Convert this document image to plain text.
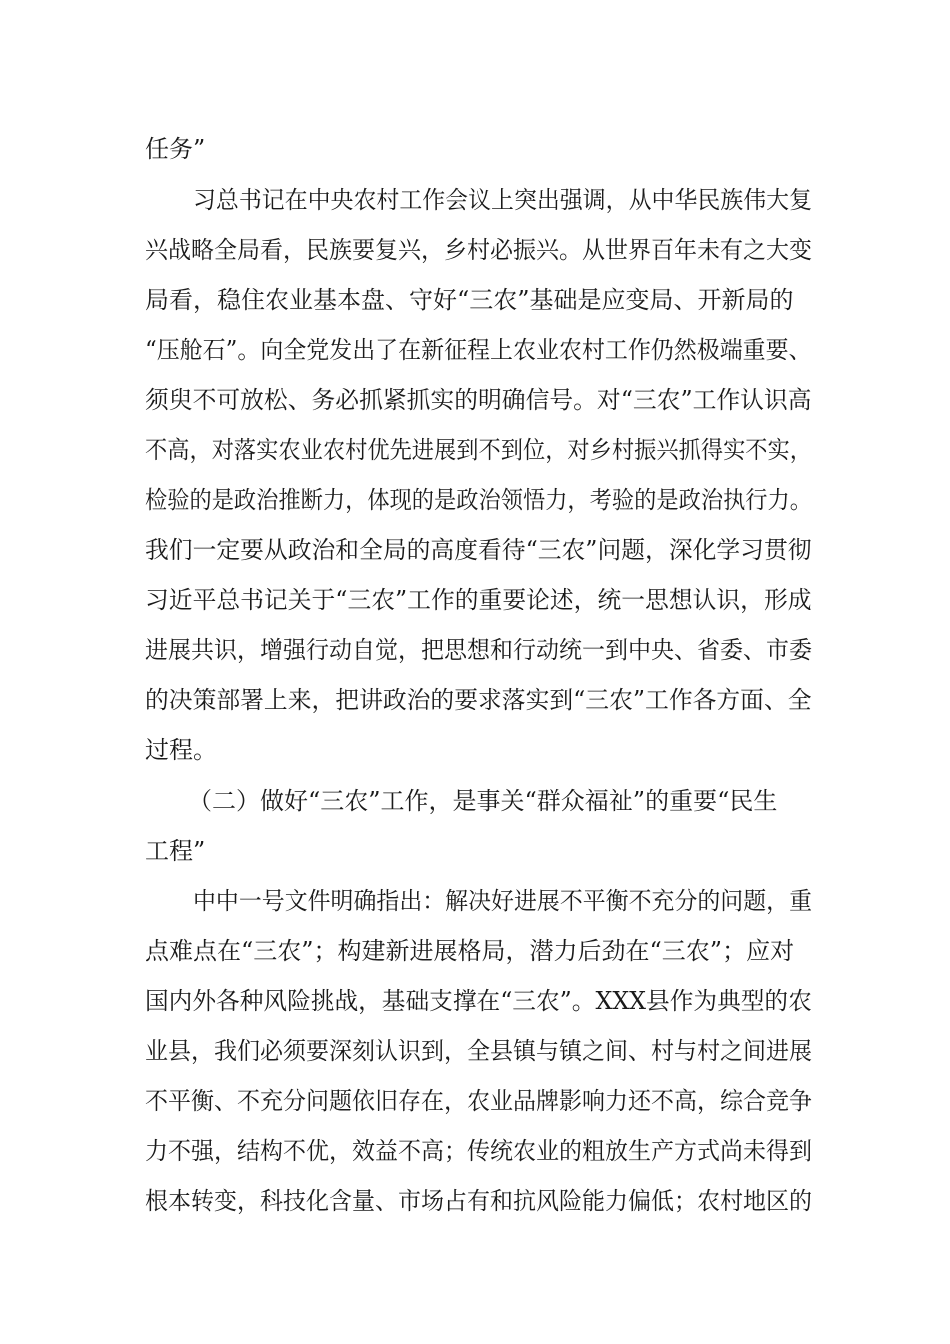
任务”
习总书记在中央农村工作会议上突出强调，从中华民族伟大复
兴战略全局看，民族要复兴，乡村必振兴。从世界百年未有之大变
局看，稳住农业基本盘、守好“三农”基础是应变局、开新局的
“压舱石”。向全党发出了在新征程上农业农村工作仍然极端重要、
须臾不可放松、务必抓紧抓实的明确信号。对“三农”工作认识高
不高，对落实农业农村优先进展到不到位，对乡村振兴抓得实不实，
检验的是政治推断力，体现的是政治领悟力，考验的是政治执行力。
我们一定要从政治和全局的高度看待“三农”问题，深化学习贯彻
习近平总书记关于“三农”工作的重要论述，统一思想认识，形成
进展共识，增强行动自觉，把思想和行动统一到中央、省委、市委
的决策部署上来，把讲政治的要求落实到“三农”工作各方面、全
过程。
（二）做好“三农”工作，是事关“群众福祉”的重要“民生
工程”
中中一号文件明确指出：解决好进展不平衡不充分的问题，重
点难点在“三农”；构建新进展格局，潜力后劲在“三农”；应对
国内外各种风险挑战，基础支撑在“三农”。XXX县作为典型的农
业县，我们必须要深刻认识到，全县镇与镇之间、村与村之间进展
不平衡、不充分问题依旧存在，农业品牌影响力还不高，综合竞争
力不强，结构不优，效益不高；传统农业的粗放生产方式尚未得到
根本转变，科技化含量、市场占有和抗风险能力偏低；农村地区的
